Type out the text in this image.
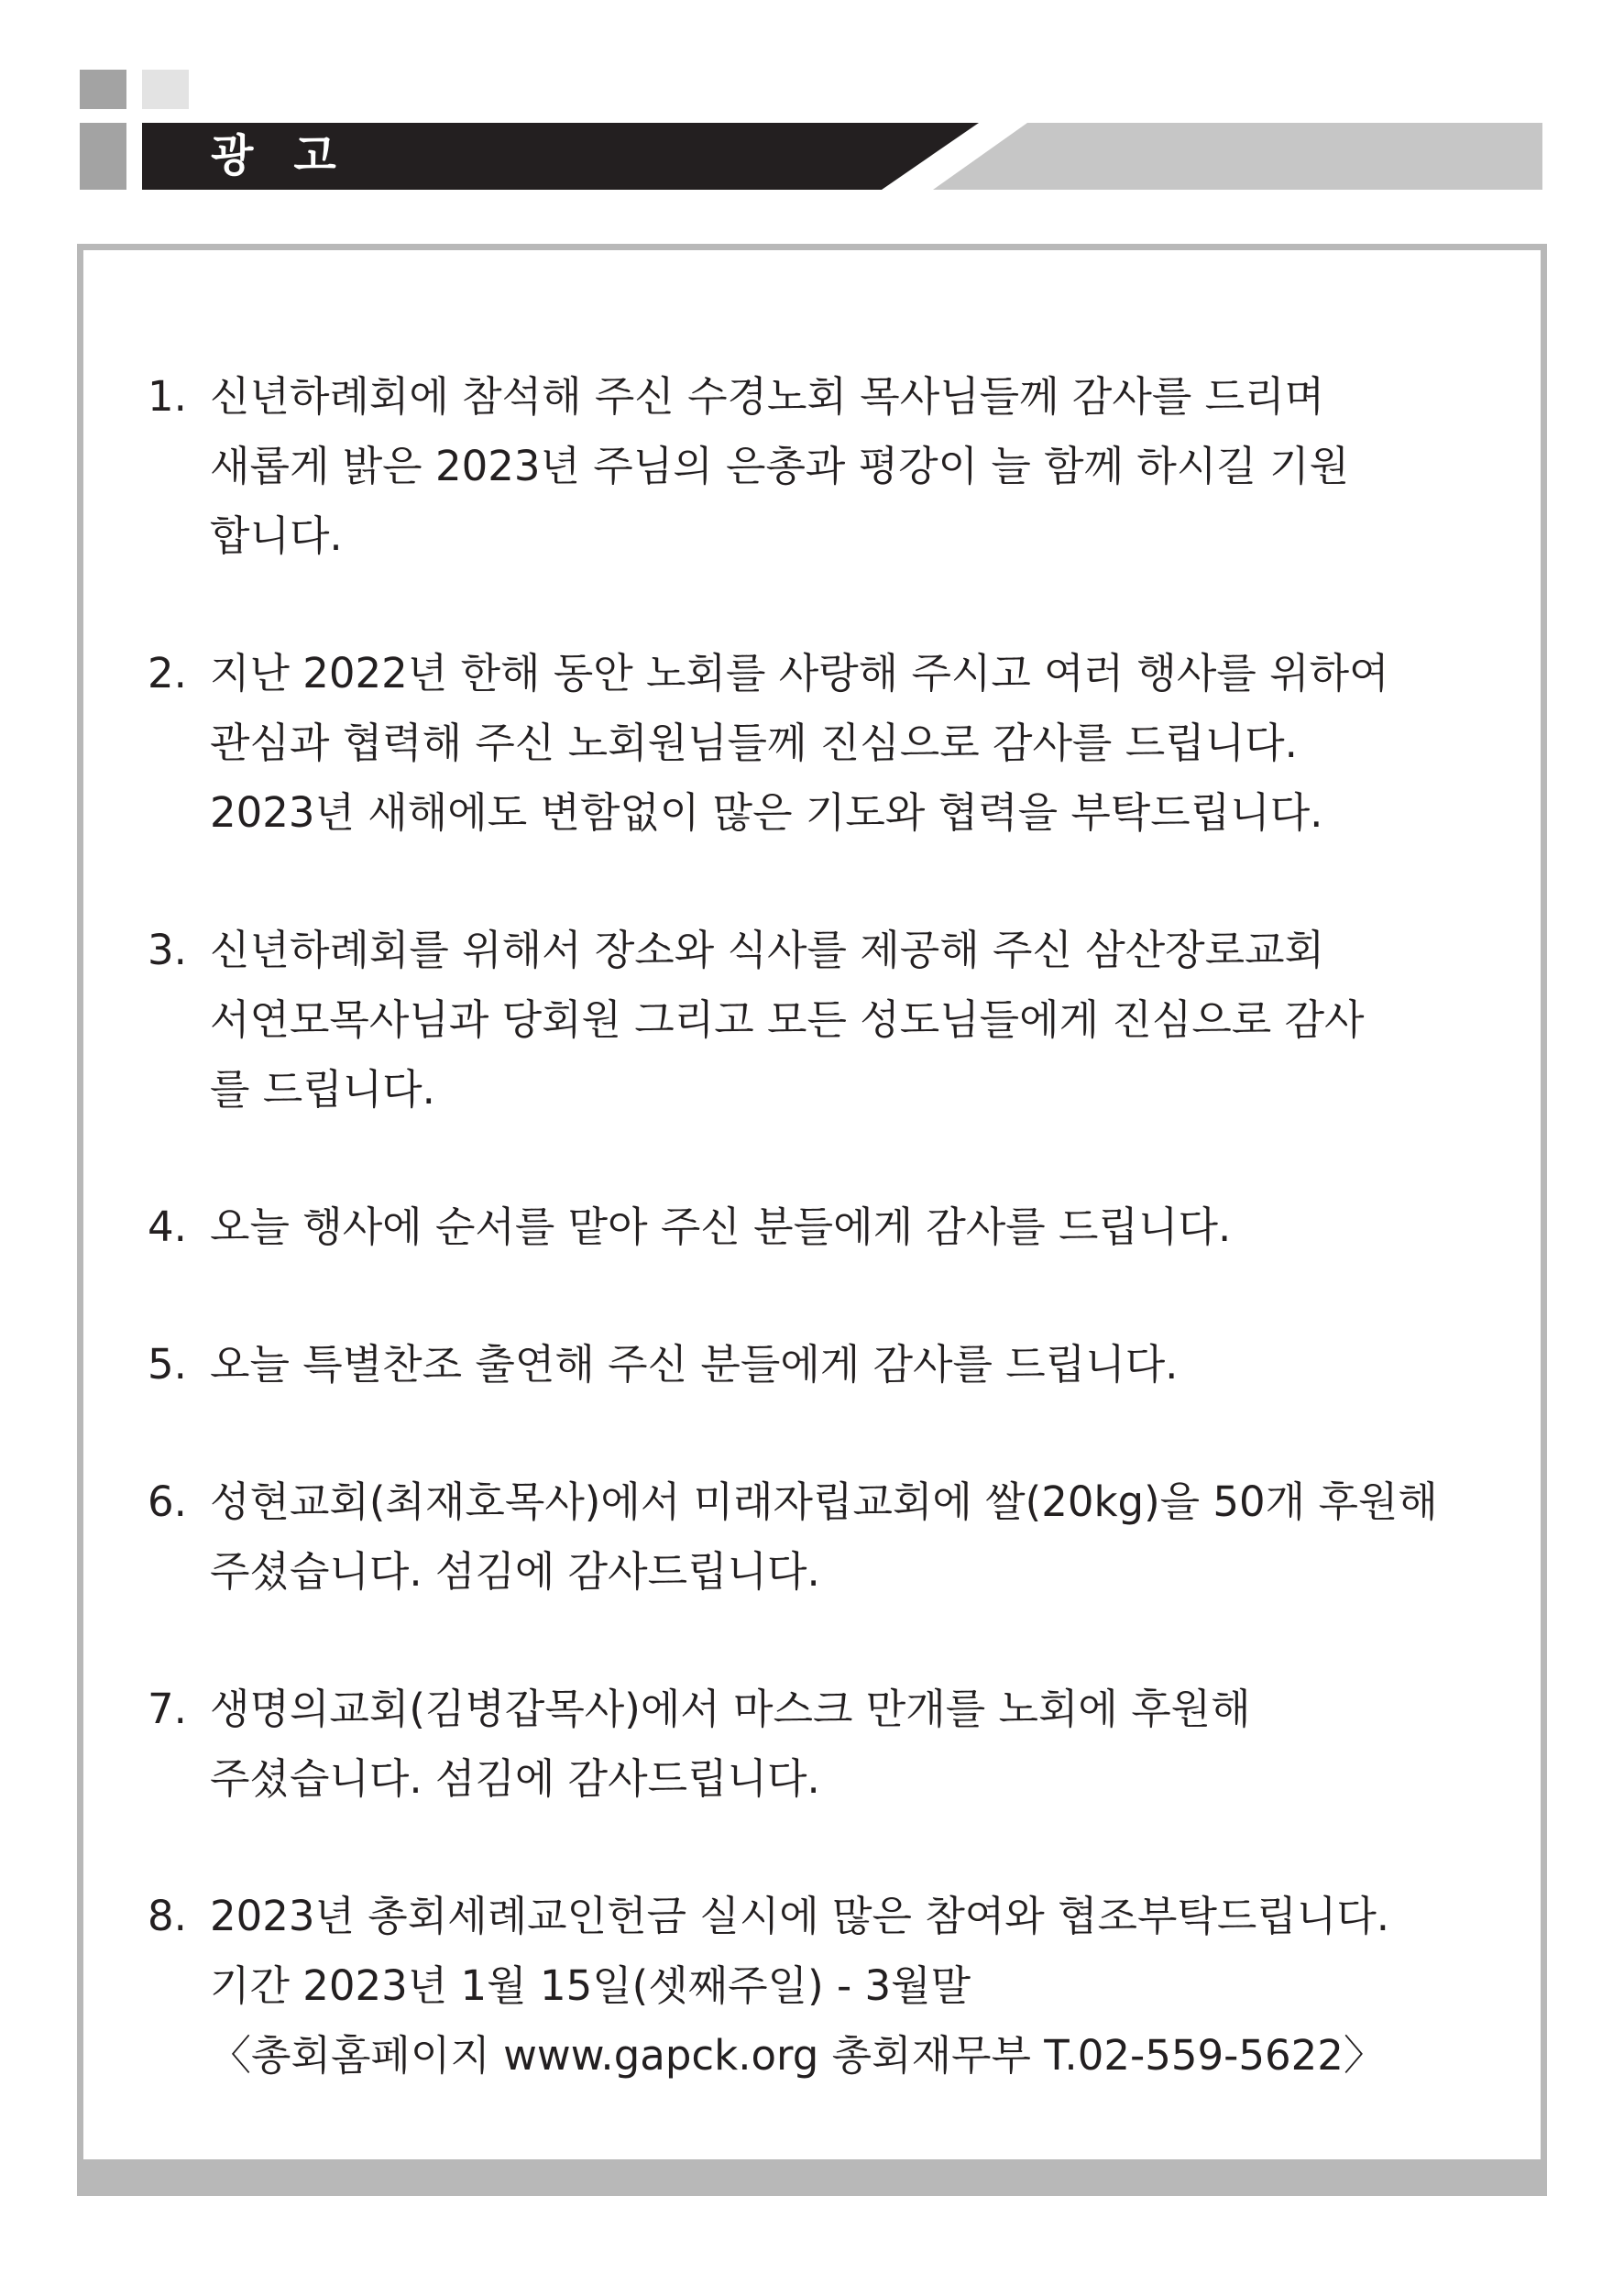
광고
1. 신년하례회에 참석해 주신 수경노회 목사님들께 감사를 드리며
새롭게 밝은 2023년 주님의 은총과 평강이 늘 함께 하시길 기원
합니다.
2. 지난 2022년 한해 동안 노회를 사랑해 주시고 여러 행사를 위하여
관심과 협력해 주신 노회원님들께 진심으로 감사를 드립니다.
2023년 새해에도 변함없이 많은 기도와 협력을 부탁드립니다.
3. 신년하례회를 위해서 장소와 식사를 제공해 주신 삼산장로교회
서연모목사님과 당회원 그리고 모든 성도님들에게 진심으로 감사
를 드립니다.
4. 오늘 행사에 순서를 맡아 주신 분들에게 감사를 드립니다.
5. 오늘 특별찬조 출연해 주신 분들에게 감사를 드립니다.
6. 성현교회(최재호목사)에서 미래자립교회에 쌀(20kg)을 50개 후원해
주셨습니다. 섬김에 감사드립니다.
7. 생명의교회(김병갑목사)에서 마스크 만개를 노회에 후원해
주셨습니다. 섬김에 감사드립니다.
8. 2023년 총회세례교인헌금 실시에 많은 참여와 협조부탁드립니다.
기간 2023년 1월 15일(셋째주일) - 3월말
〈총회홈페이지 www.gapck.org 총회재무부 T.02-559-5622〉
